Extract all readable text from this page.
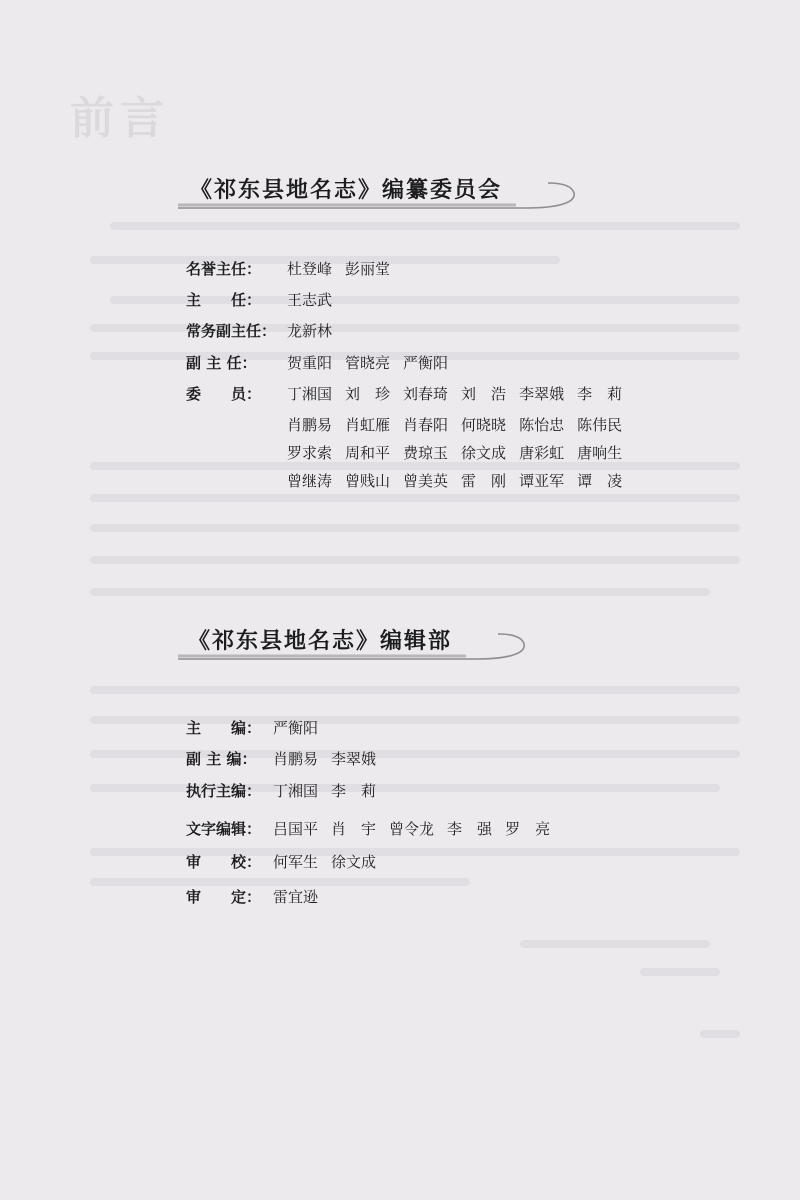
前言
《祁东县地名志》编纂委员会
名誉主任： 杜登峰 彭丽堂
主　　任： 王志武
常务副主任： 龙新林
副 主 任： 贺重阳 管晓亮 严衡阳
委　　员： 丁湘国 刘　珍 刘春琦 刘　浩 李翠娥 李　莉
肖鹏易 肖虹雁 肖春阳 何晓晓 陈怡忠 陈伟民
罗求索 周和平 费琼玉 徐文成 唐彩虹 唐响生
曾继涛 曾贱山 曾美英 雷　刚 谭亚军 谭　凌
《祁东县地名志》编辑部
主　　编： 严衡阳
副 主 编： 肖鹏易 李翠娥
执行主编： 丁湘国 李　莉
文字编辑： 吕国平 肖　宇 曾令龙 李　强 罗　亮
审　　校： 何军生 徐文成
审　　定： 雷宜逊
